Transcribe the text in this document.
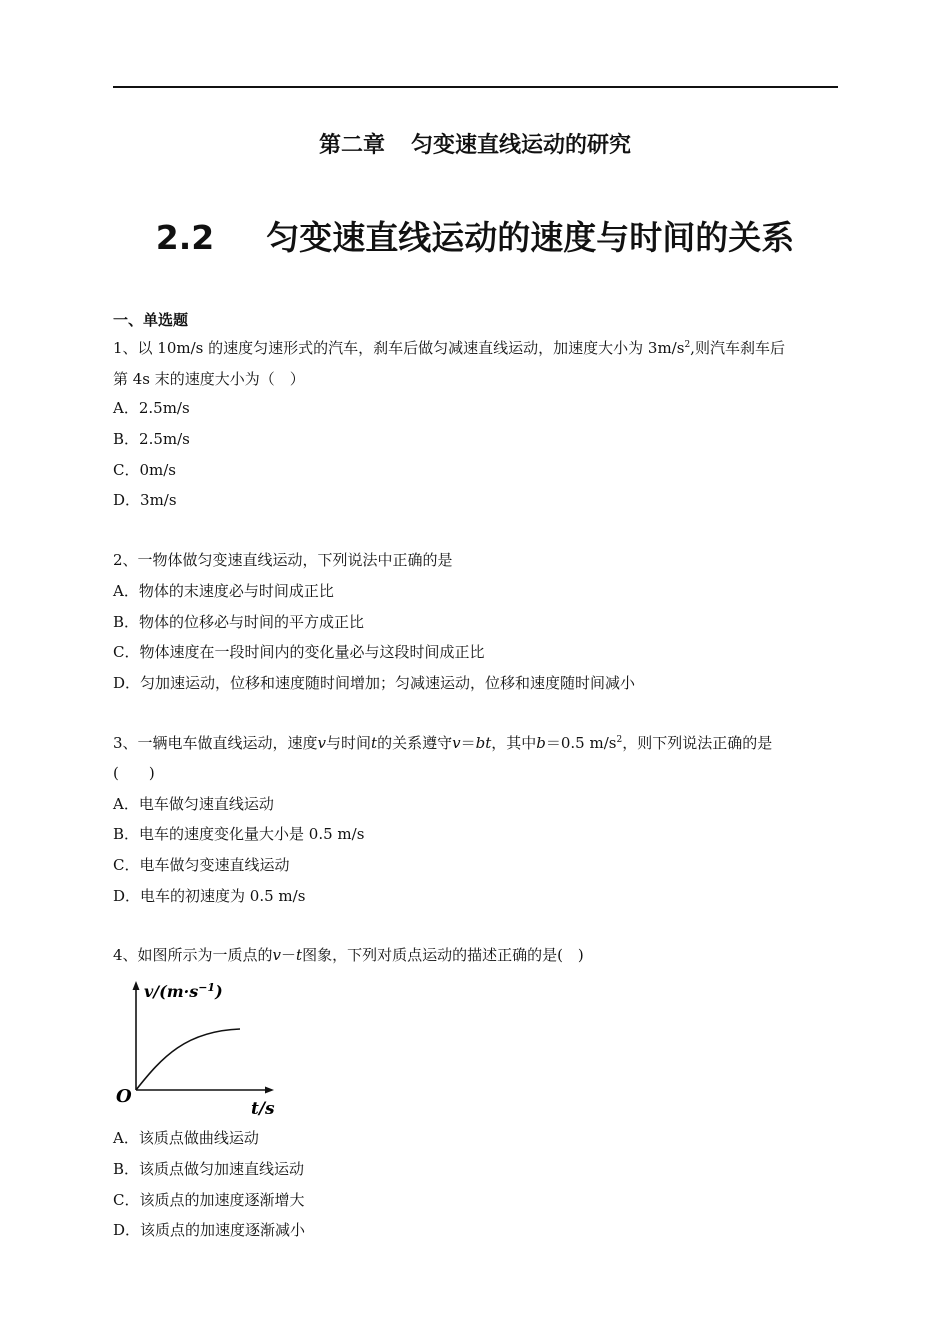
第二章 匀变速直线运动的研究
2.2 匀变速直线运动的速度与时间的关系
一、单选题
1、以 10m/s 的速度匀速形式的汽车，刹车后做匀减速直线运动，加速度大小为 $3m/s^2$,则汽车刹车后
第 4s 末的速度大小为（　）
A．2.5m/s
B．2.5m/s
C．0m/s
D．3m/s
2、一物体做匀变速直线运动，下列说法中正确的是
A．物体的末速度必与时间成正比
B．物体的位移必与时间的平方成正比
C．物体速度在一段时间内的变化量必与这段时间成正比
D．匀加速运动，位移和速度随时间增加；匀减速运动，位移和速度随时间减小
3、一辆电车做直线运动，速度v与时间t的关系遵守v＝bt，其中b＝0.5 $m/s^2$，则下列说法正确的是
(　　)
A．电车做匀速直线运动
B．电车的速度变化量大小是 0.5 m/s
C．电车做匀变速直线运动
D．电车的初速度为 0.5 m/s
4、如图所示为一质点的v－t图象，下列对质点运动的描述正确的是(　)
$v/(m\cdot s^{-1})$
O
t/s
A．该质点做曲线运动
B．该质点做匀加速直线运动
C．该质点的加速度逐渐增大
D．该质点的加速度逐渐减小
